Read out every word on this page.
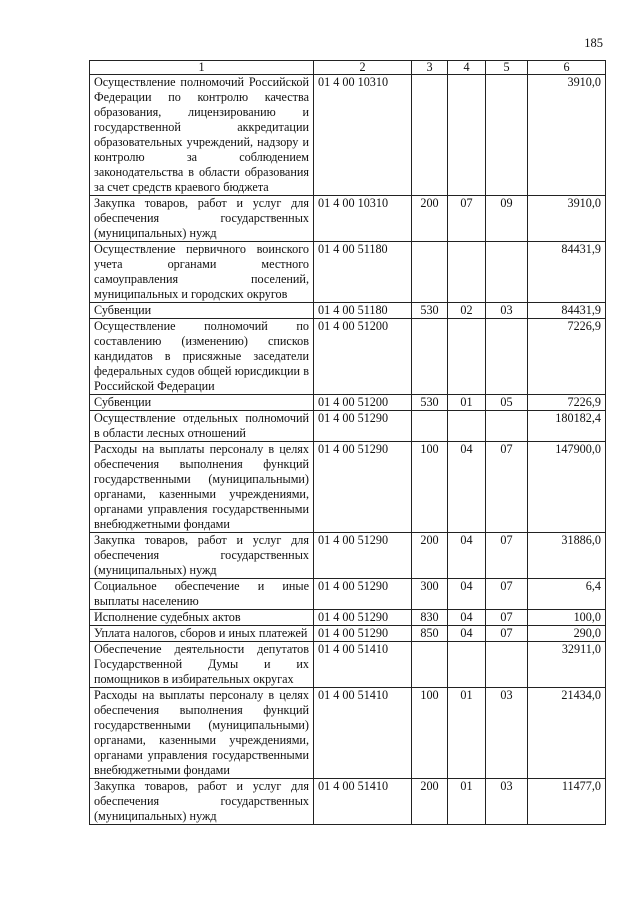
185
1	2	3	4	5	6
Осуществление полномочий Российской Федерации по контролю качества образования, лицензированию и государственной аккредитации образовательных учреждений, надзору и контролю за соблюдением законодательства в области образования за счет средств краевого бюджета	01 4 00 10310				3910,0
Закупка товаров, работ и услуг для обеспечения государственных (муниципальных) нужд	01 4 00 10310	200	07	09	3910,0
Осуществление первичного воинского учета органами местного самоуправления поселений, муниципальных и городских округов	01 4 00 51180				84431,9
Субвенции	01 4 00 51180	530	02	03	84431,9
Осуществление полномочий по составлению (изменению) списков кандидатов в присяжные заседатели федеральных судов общей юрисдикции в Российской Федерации	01 4 00 51200				7226,9
Субвенции	01 4 00 51200	530	01	05	7226,9
Осуществление отдельных полномочий в области лесных отношений	01 4 00 51290				180182,4
Расходы на выплаты персоналу в целях обеспечения выполнения функций государственными (муниципальными) органами, казенными учреждениями, органами управления государственными внебюджетными фондами	01 4 00 51290	100	04	07	147900,0
Закупка товаров, работ и услуг для обеспечения государственных (муниципальных) нужд	01 4 00 51290	200	04	07	31886,0
Социальное обеспечение и иные выплаты населению	01 4 00 51290	300	04	07	6,4
Исполнение судебных актов	01 4 00 51290	830	04	07	100,0
Уплата налогов, сборов и иных платежей	01 4 00 51290	850	04	07	290,0
Обеспечение деятельности депутатов Государственной Думы и их помощников в избирательных округах	01 4 00 51410				32911,0
Расходы на выплаты персоналу в целях обеспечения выполнения функций государственными (муниципальными) органами, казенными учреждениями, органами управления государственными внебюджетными фондами	01 4 00 51410	100	01	03	21434,0
Закупка товаров, работ и услуг для обеспечения государственных (муниципальных) нужд	01 4 00 51410	200	01	03	11477,0
